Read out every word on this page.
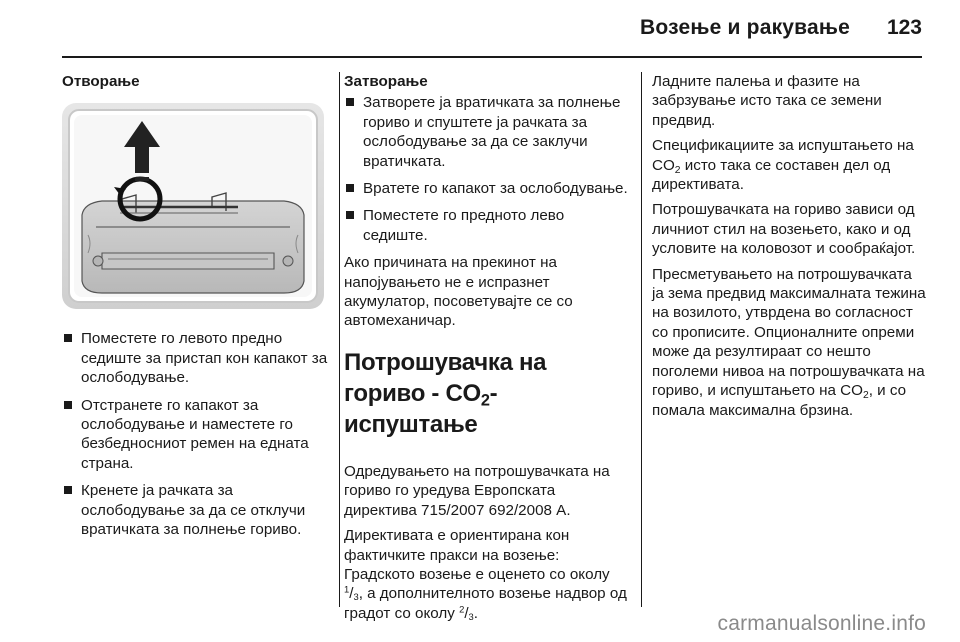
Возење и ракување 123
Отворање
Поместете го левото предно седиште за пристап кон капакот за ослободување.
Отстранете го капакот за ослободување и наместете го безбедносниот ремен на едната страна.
Кренете ја рачката за ослободување за да се отклучи вратичката за полнење гориво.
Затворање
Затворете ја вратичката за полнење гориво и спуштете ја рачката за ослободување за да се заклучи вратичката.
Вратете го капакот за ослободување.
Поместете го предното лево седиште.

Ако причината на прекинот на напојувањето не е испразнет акумулатор, посоветувајте се со автомеханичар.

Потрошувачка на
гориво - $CO_2$-испуштање

Одредувањето на потрошувачката на гориво го уредува Европската директива 715/2007 692/2008 А.

Директивата е ориентирана кон фактичките пракси на возење: Градското возење е оценето со околу $^1$/3, а дополнителното возење надвор од градот со околу $^2$/3.

Ладните палења и фазите на забрзување исто така се земени предвид.

Спецификациите за испуштањето на $CO_2$ исто така се составен дел од директивата.

Потрошувачката на гориво зависи од личниот стил на возењето, како и од условите на коловозот и сообраќајот.

Пресметувањето на потрошувачката ја зема предвид максималната тежина на возилото, утврдена во согласност со прописите. Опционалните опреми може да резултираат со нешто поголеми нивоа на потрошувачката на гориво, и испуштањето на $CO_2$, и со помала максимална брзина.

carmanualsonline.info
